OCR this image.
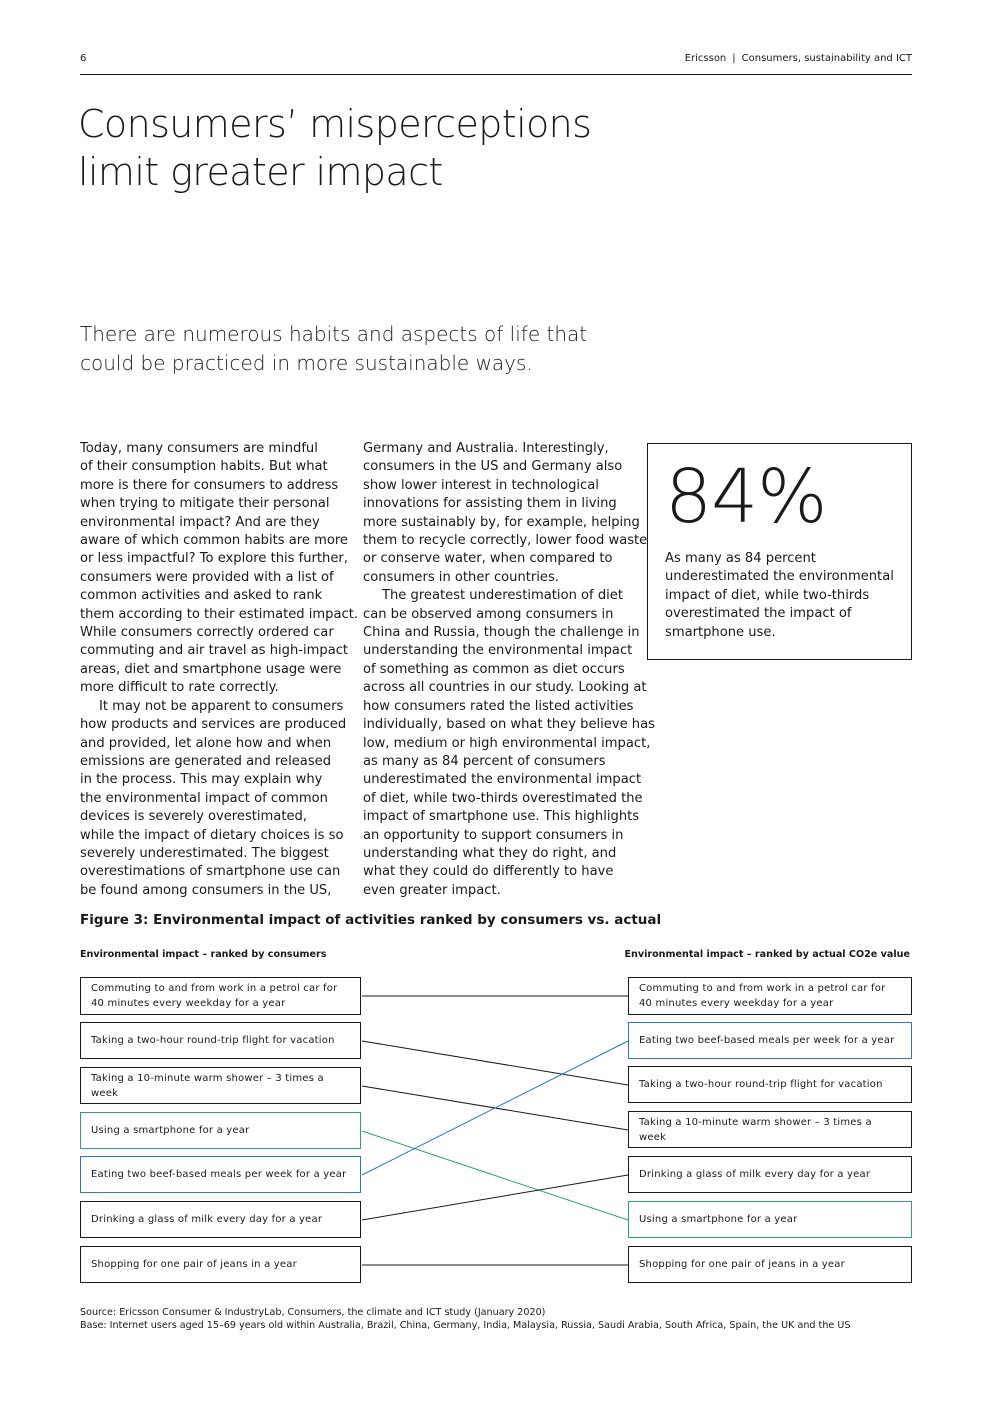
6	Ericsson | Consumers, sustainability and ICT
Consumers’ misperceptions
limit greater impact

There are numerous habits and aspects of life that
could be practiced in more sustainable ways.

Today, many consumers are mindful
of their consumption habits. But what
more is there for consumers to address
when trying to mitigate their personal
environmental impact? And are they
aware of which common habits are more
or less impactful? To explore this further,
consumers were provided with a list of
common activities and asked to rank
them according to their estimated impact.
While consumers correctly ordered car
commuting and air travel as high-impact
areas, diet and smartphone usage were
more difficult to rate correctly.
It may not be apparent to consumers
how products and services are produced
and provided, let alone how and when
emissions are generated and released
in the process. This may explain why
the environmental impact of common
devices is severely overestimated,
while the impact of dietary choices is so
severely underestimated. The biggest
overestimations of smartphone use can
be found among consumers in the US,
Germany and Australia. Interestingly,
consumers in the US and Germany also
show lower interest in technological
innovations for assisting them in living
more sustainably by, for example, helping
them to recycle correctly, lower food waste
or conserve water, when compared to
consumers in other countries.
The greatest underestimation of diet
can be observed among consumers in
China and Russia, though the challenge in
understanding the environmental impact
of something as common as diet occurs
across all countries in our study. Looking at
how consumers rated the listed activities
individually, based on what they believe has
low, medium or high environmental impact,
as many as 84 percent of consumers
underestimated the environmental impact
of diet, while two-thirds overestimated the
impact of smartphone use. This highlights
an opportunity to support consumers in
understanding what they do right, and
what they could do differently to have
even greater impact.
84%
As many as 84 percent
underestimated the environmental
impact of diet, while two-thirds
overestimated the impact of
smartphone use.
Figure 3: Environmental impact of activities ranked by consumers vs. actual
Environmental impact – ranked by consumers	Environmental impact – ranked by actual CO2e value
Commuting to and from work in a petrol car for
40 minutes every weekday for a year
Taking a two-hour round-trip flight for vacation
Taking a 10-minute warm shower – 3 times a week
Using a smartphone for a year
Eating two beef-based meals per week for a year
Drinking a glass of milk every day for a year
Shopping for one pair of jeans in a year
Commuting to and from work in a petrol car for
40 minutes every weekday for a year
Eating two beef-based meals per week for a year
Taking a two-hour round-trip flight for vacation
Taking a 10-minute warm shower – 3 times a week
Drinking a glass of milk every day for a year
Using a smartphone for a year
Shopping for one pair of jeans in a year
Source: Ericsson Consumer & IndustryLab, Consumers, the climate and ICT study (January 2020)
Base: Internet users aged 15–69 years old within Australia, Brazil, China, Germany, India, Malaysia, Russia, Saudi Arabia, South Africa, Spain, the UK and the US
